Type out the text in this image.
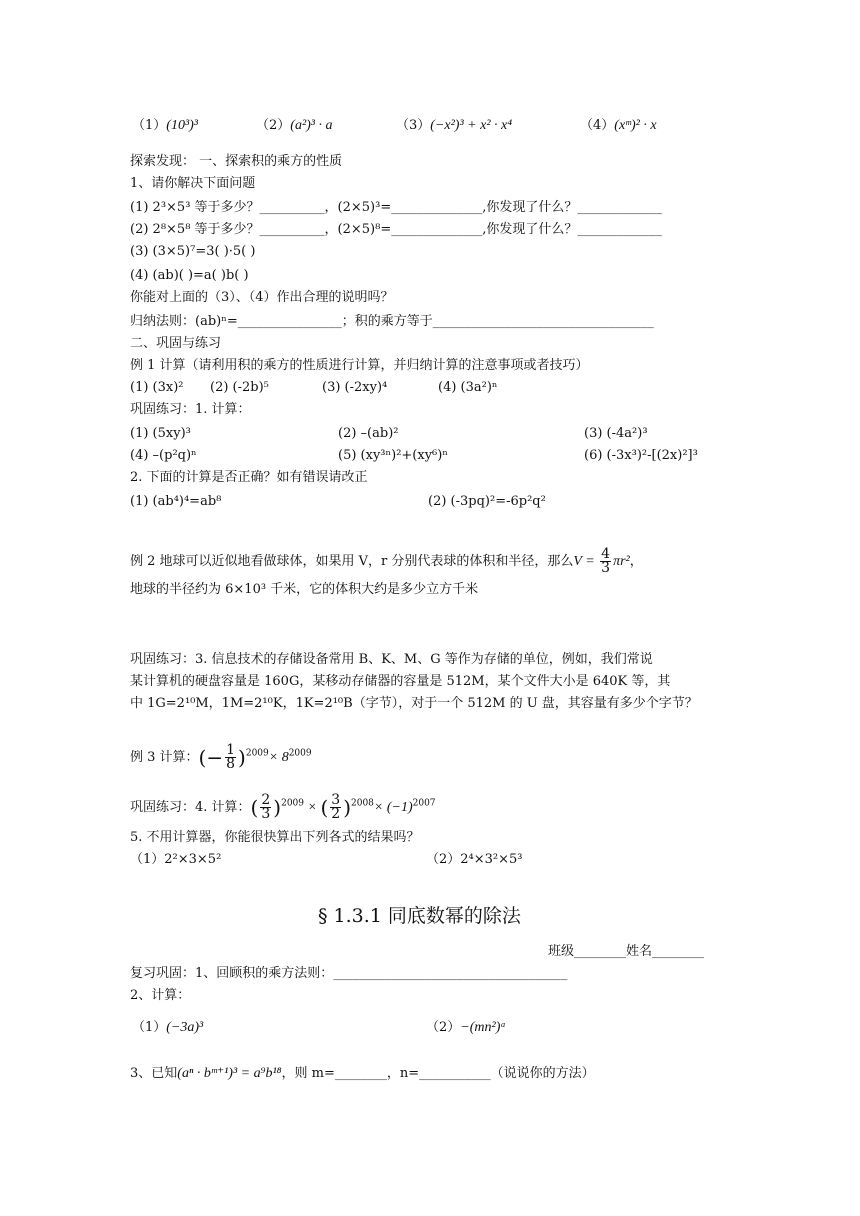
（1）(10³)³	（2）(a²)³ · a	（3）(−x²)³ + x² · x⁴	（4）(xᵐ)² · x
探索发现： 一、探索积的乘方的性质
1、请你解决下面问题
(1) 2³×5³ 等于多少？__________，(2×5)³=______________,你发现了什么？_____________
(2) 2⁸×5⁸ 等于多少？__________，(2×5)⁸=______________,你发现了什么？_____________
(3) (3×5)⁷=3( )·5( )
(4) (ab)( )=a( )b( )
你能对上面的（3）、（4）作出合理的说明吗？
归纳法则：(ab)ⁿ=________________；积的乘方等于__________________________________
二、巩固与练习
例 1 计算（请利用积的乘方的性质进行计算，并归纳计算的注意事项或者技巧）
(1) (3x)² (2) (-2b)⁵	(3) (-2xy)⁴	(4) (3a²)ⁿ
巩固练习：1. 计算：
(1) (5xy)³	(2) –(ab)²	(3) (-4a²)³
(4) –(p²q)ⁿ	(5) (xy³ⁿ)²+(xy⁶)ⁿ	(6) (-3x³)²-[(2x)²]³
2. 下面的计算是否正确？如有错误请改正
(1) (ab⁴)⁴=ab⁸	(2) (-3pq)²=-6p²q²
例 2 地球可以近似地看做球体，如果用 V，r 分别代表球的体积和半径，那么$V = \frac{4}{3} \pi r^2$，
地球的半径约为 6×10³ 千米，它的体积大约是多少立方千米
巩固练习：3. 信息技术的存储设备常用 B、K、M、G 等作为存储的单位，例如，我们常说
某计算机的硬盘容量是 160G，某移动存储器的容量是 512M，某个文件大小是 640K 等，其
中 1G=2¹⁰M，1M=2¹⁰K，1K=2¹⁰B（字节），对于一个 512M 的 U 盘，其容量有多少个字节？
例 3 计算：(− $\frac{1}{8} )^{2009}\times 8^{2009}$
巩固练习：4. 计算：( $\frac{2}{3} )^{2009}$ × ( $\frac{3}{2} )^{2008}\times (-1)^{2007}$
5. 不用计算器，你能很快算出下列各式的结果吗？
（1）2²×3×5²	（2）2⁴×3²×5³
§ 1.3.1 同底数幂的除法
班级________姓名________
复习巩固：1、回顾积的乘方法则：____________________________________
2、计算：
（1）(−3a)³	（2）−(mn²)ᵃ
3、已知(aⁿ · bᵐ⁺¹)³ = a⁹b¹⁸，则 m=________，n=___________（说说你的方法）
